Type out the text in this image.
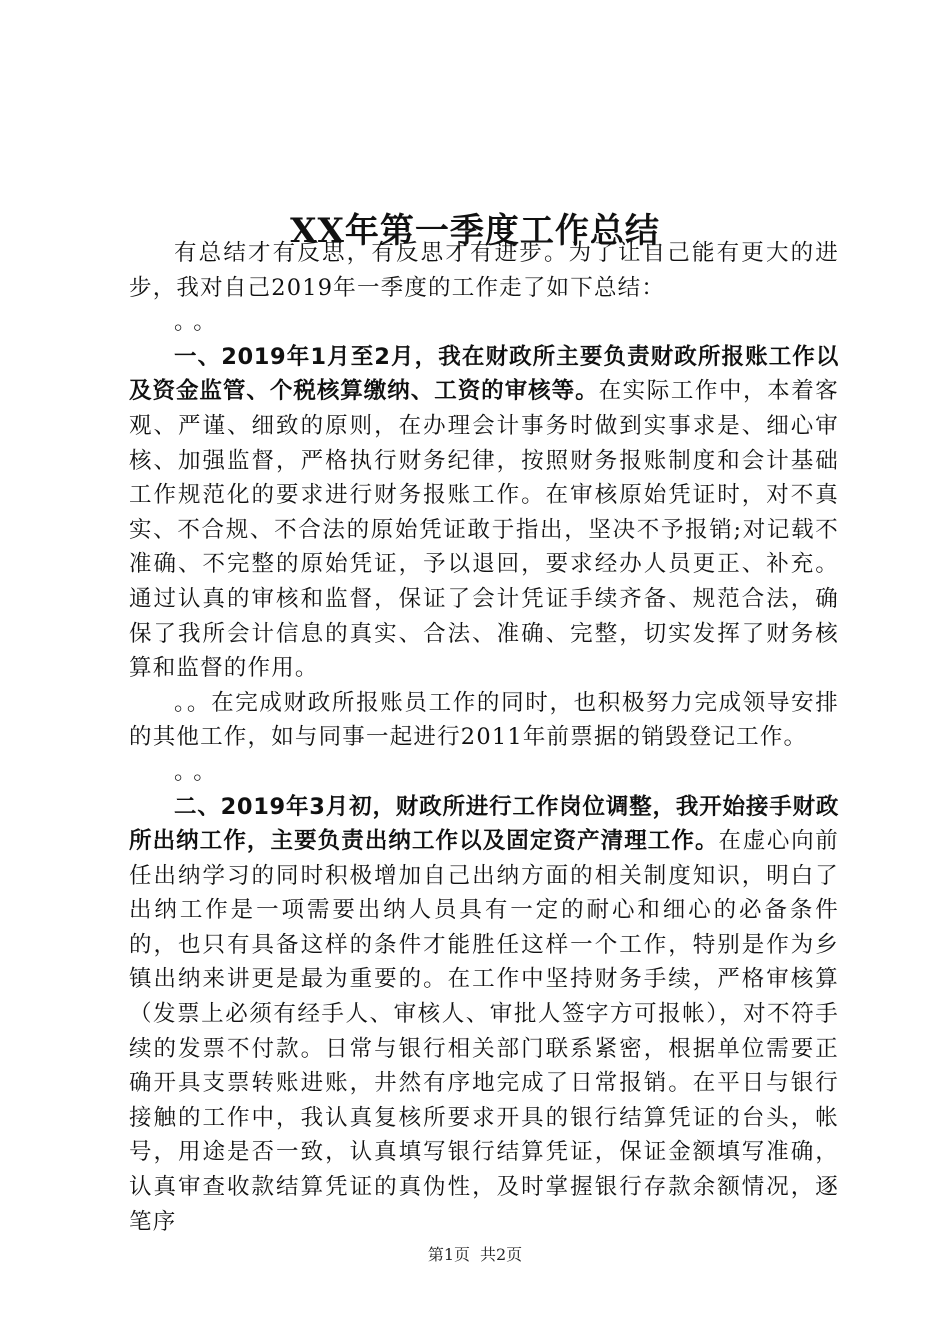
XX年第一季度工作总结

有总结才有反思，有反思才有进步。为了让自己能有更大的进步，我对自己2019年一季度的工作走了如下总结：

。。

一、2019年1月至2月，我在财政所主要负责财政所报账工作以及资金监管、个税核算缴纳、工资的审核等。在实际工作中，本着客观、严谨、细致的原则，在办理会计事务时做到实事求是、细心审核、加强监督，严格执行财务纪律，按照财务报账制度和会计基础工作规范化的要求进行财务报账工作。在审核原始凭证时，对不真实、不合规、不合法的原始凭证敢于指出，坚决不予报销;对记载不准确、不完整的原始凭证，予以退回，要求经办人员更正、补充。通过认真的审核和监督，保证了会计凭证手续齐备、规范合法，确保了我所会计信息的真实、合法、准确、完整，切实发挥了财务核算和监督的作用。

。。在完成财政所报账员工作的同时，也积极努力完成领导安排的其他工作，如与同事一起进行2011年前票据的销毁登记工作。

。。

二、2019年3月初，财政所进行工作岗位调整，我开始接手财政所出纳工作，主要负责出纳工作以及固定资产清理工作。在虚心向前任出纳学习的同时积极增加自己出纳方面的相关制度知识，明白了出纳工作是一项需要出纳人员具有一定的耐心和细心的必备条件的，也只有具备这样的条件才能胜任这样一个工作，特别是作为乡镇出纳来讲更是最为重要的。在工作中坚持财务手续，严格审核算（发票上必须有经手人、审核人、审批人签字方可报帐），对不符手续的发票不付款。日常与银行相关部门联系紧密，根据单位需要正确开具支票转账进账，井然有序地完成了日常报销。在平日与银行接触的工作中，我认真复核所要求开具的银行结算凭证的台头，帐号，用途是否一致，认真填写银行结算凭证，保证金额填写准确，认真审查收款结算凭证的真伪性，及时掌握银行存款余额情况，逐笔序

第1页 共2页
